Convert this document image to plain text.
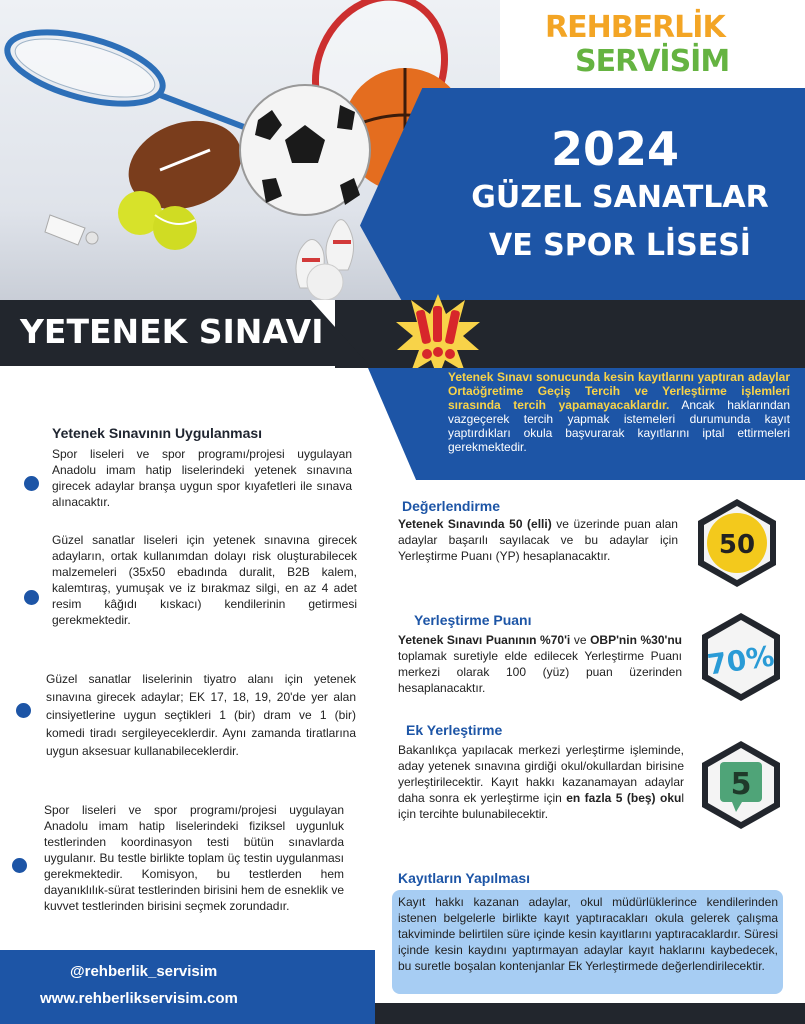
REHBERLİK
SERVİSİM
2024
GÜZEL SANATLAR
VE SPOR LİSESİ
YETENEK SINAVI
Yetenek Sınavı sonucunda kesin kayıtlarını yaptıran adaylar Ortaöğretime Geçiş Tercih ve Yerleştirme işlemleri sırasında tercih yapamayacaklardır. Ancak haklarından vazgeçerek tercih yapmak istemeleri durumunda kayıt yaptırdıkları okula başvurarak kayıtlarını iptal ettirmeleri gerekmektedir.
Yetenek Sınavının Uygulanması
Spor liseleri ve spor programı/projesi uygulayan Anadolu imam hatip liselerindeki yetenek sınavına girecek adaylar branşa uygun spor kıyafetleri ile sınava alınacaktır.
Güzel sanatlar liseleri için yetenek sınavına girecek adayların, ortak kullanımdan dolayı risk oluşturabilecek malzemeleri (35x50 ebadında duralit, B2B kalem, kalemtıraş, yumuşak ve iz bırakmaz silgi, en az 4 adet resim kâğıdı kıskacı) kendilerinin getirmesi gerekmektedir.
Güzel sanatlar liselerinin tiyatro alanı için yetenek sınavına girecek adaylar; EK 17, 18, 19, 20'de yer alan cinsiyetlerine uygun seçtikleri 1 (bir) dram ve 1 (bir) komedi tiradı sergileyeceklerdir. Aynı zamanda tiratlarına uygun aksesuar kullanabileceklerdir.
Spor liseleri ve spor programı/projesi uygulayan Anadolu imam hatip liselerindeki fiziksel uygunluk testlerinden koordinasyon testi bütün sınavlarda uygulanır. Bu testle birlikte toplam üç testin uygulanması gerekmektedir. Komisyon, bu testlerden hem dayanıklılık-sürat testlerinden birisini hem de esneklik ve kuvvet testlerinden birisini seçmek zorundadır.
Değerlendirme
Yetenek Sınavında 50 (elli) ve üzerinde puan alan adaylar başarılı sayılacak ve bu adaylar için Yerleştirme Puanı (YP) hesaplanacaktır.	50
Yerleştirme Puanı
Yetenek Sınavı Puanının %70'i ve OBP'nin %30'nu toplamak suretiyle elde edilecek Yerleştirme Puanı merkezi olarak 100 (yüz) puan üzerinden hesaplanacaktır.
70%
Ek Yerleştirme
Bakanlıkça yapılacak merkezi yerleştirme işleminde, aday yetenek sınavına girdiği okul/okullardan birisine yerleştirilecektir. Kayıt hakkı kazanamayan adaylar daha sonra ek yerleştirme için en fazla 5 (beş) okul için tercihte bulunabilecektir.
5
Kayıtların Yapılması
Kayıt hakkı kazanan adaylar, okul müdürlüklerince kendilerinden istenen belgelerle birlikte kayıt yaptıracakları okula gelerek çalışma takviminde belirtilen süre içinde kesin kayıtlarını yaptıracaklardır. Süresi içinde kesin kaydını yaptırmayan adaylar kayıt haklarını kaybedecek, bu suretle boşalan kontenjanlar Ek Yerleştirmede değerlendirilecektir.
@rehberlik_servisim
www.rehberlikservisim.com
